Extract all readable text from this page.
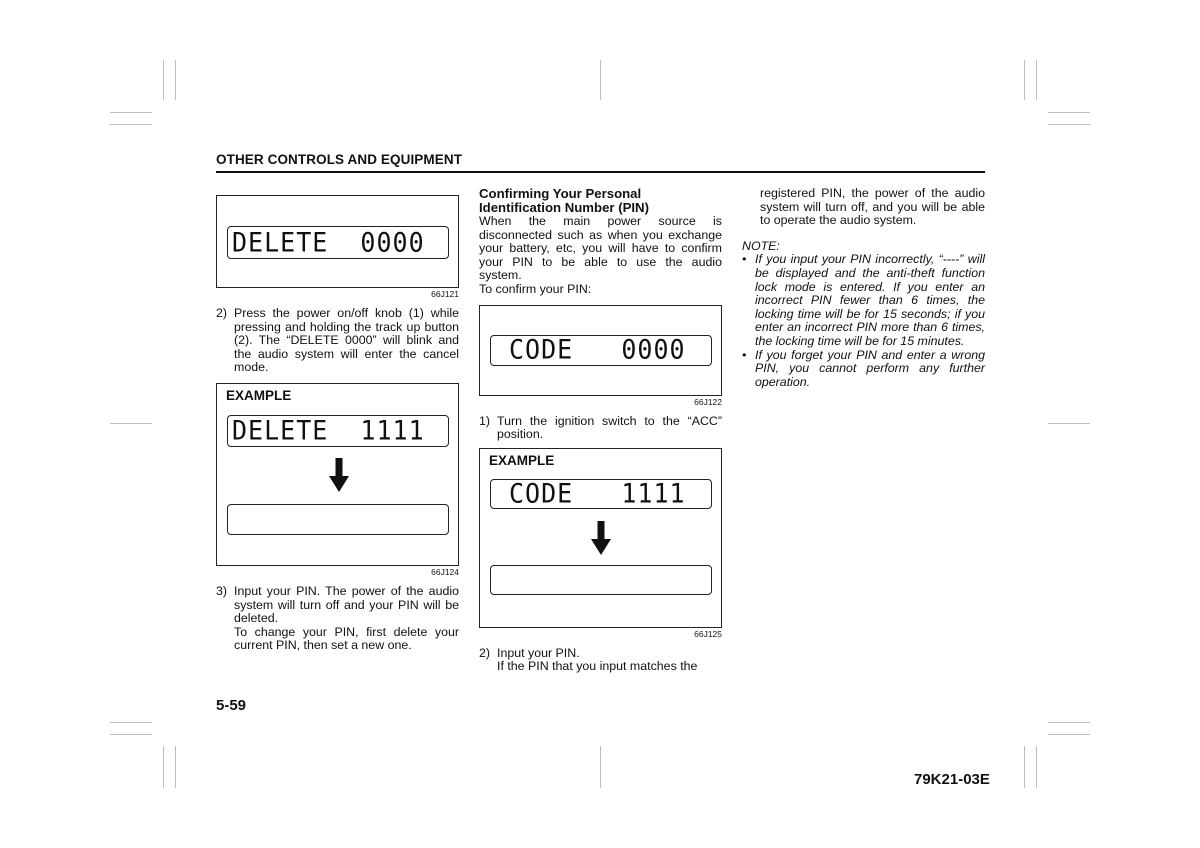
OTHER CONTROLS AND EQUIPMENT
DELETE  0000
66J121
2) Press the power on/off knob (1) while pressing and holding the track up button (2). The “DELETE 0000” will blink and the audio system will enter the cancel mode.
EXAMPLE
DELETE  1111
66J124
3) Input your PIN. The power of the audio system will turn off and your PIN will be deleted.
To change your PIN, first delete your current PIN, then set a new one.

Confirming Your Personal Identification Number (PIN)

When the main power source is disconnected such as when you exchange your battery, etc, you will have to confirm your PIN to be able to use the audio system.

To confirm your PIN:

CODE   0000
66J122
1) Turn the ignition switch to the “ACC” position.
EXAMPLE
CODE   1111
66J125
2) Input your PIN.
If the PIN that you input matches the

registered PIN, the power of the audio system will turn off, and you will be able to operate the audio system.

NOTE:

• If you input your PIN incorrectly, “----” will be displayed and the anti-theft function lock mode is entered. If you enter an incorrect PIN fewer than 6 times, the locking time will be for 15 seconds; if you enter an incorrect PIN more than 6 times, the locking time will be for 15 minutes.
• If you forget your PIN and enter a wrong PIN, you cannot perform any further operation.
5-59
79K21-03E
